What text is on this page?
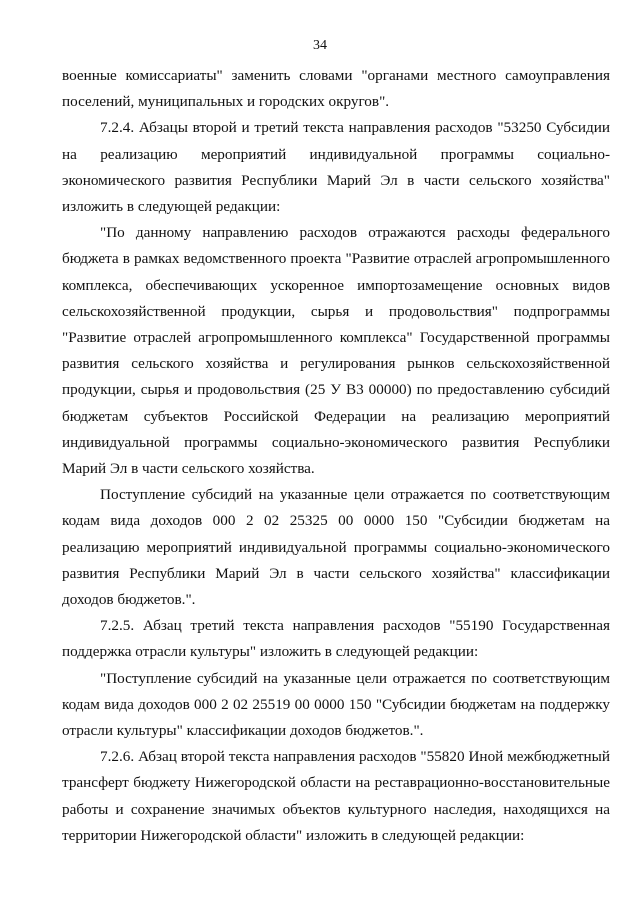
34

военные комиссариаты" заменить словами "органами местного самоуправления поселений, муниципальных и городских округов".

7.2.4. Абзацы второй и третий текста направления расходов "53250 Субсидии на реализацию мероприятий индивидуальной программы социально-экономического развития Республики Марий Эл в части сельского хозяйства" изложить в следующей редакции:

"По данному направлению расходов отражаются расходы федерального бюджета в рамках ведомственного проекта "Развитие отраслей агропромышленного комплекса, обеспечивающих ускоренное импортозамещение основных видов сельскохозяйственной продукции, сырья и продовольствия" подпрограммы "Развитие отраслей агропромышленного комплекса" Государственной программы развития сельского хозяйства и регулирования рынков сельскохозяйственной продукции, сырья и продовольствия (25 У В3 00000) по предоставлению субсидий бюджетам субъектов Российской Федерации на реализацию мероприятий индивидуальной программы социально-экономического развития Республики Марий Эл в части сельского хозяйства.

Поступление субсидий на указанные цели отражается по соответствующим кодам вида доходов 000 2 02 25325 00 0000 150 "Субсидии бюджетам на реализацию мероприятий индивидуальной программы социально-экономического развития Республики Марий Эл в части сельского хозяйства" классификации доходов бюджетов.".

7.2.5. Абзац третий текста направления расходов "55190 Государственная поддержка отрасли культуры" изложить в следующей редакции:

"Поступление субсидий на указанные цели отражается по соответствующим кодам вида доходов 000 2 02 25519 00 0000 150 "Субсидии бюджетам на поддержку отрасли культуры" классификации доходов бюджетов.".

7.2.6. Абзац второй текста направления расходов "55820 Иной межбюджетный трансферт бюджету Нижегородской области на реставрационно-восстановительные работы и сохранение значимых объектов культурного наследия, находящихся на территории Нижегородской области" изложить в следующей редакции:
